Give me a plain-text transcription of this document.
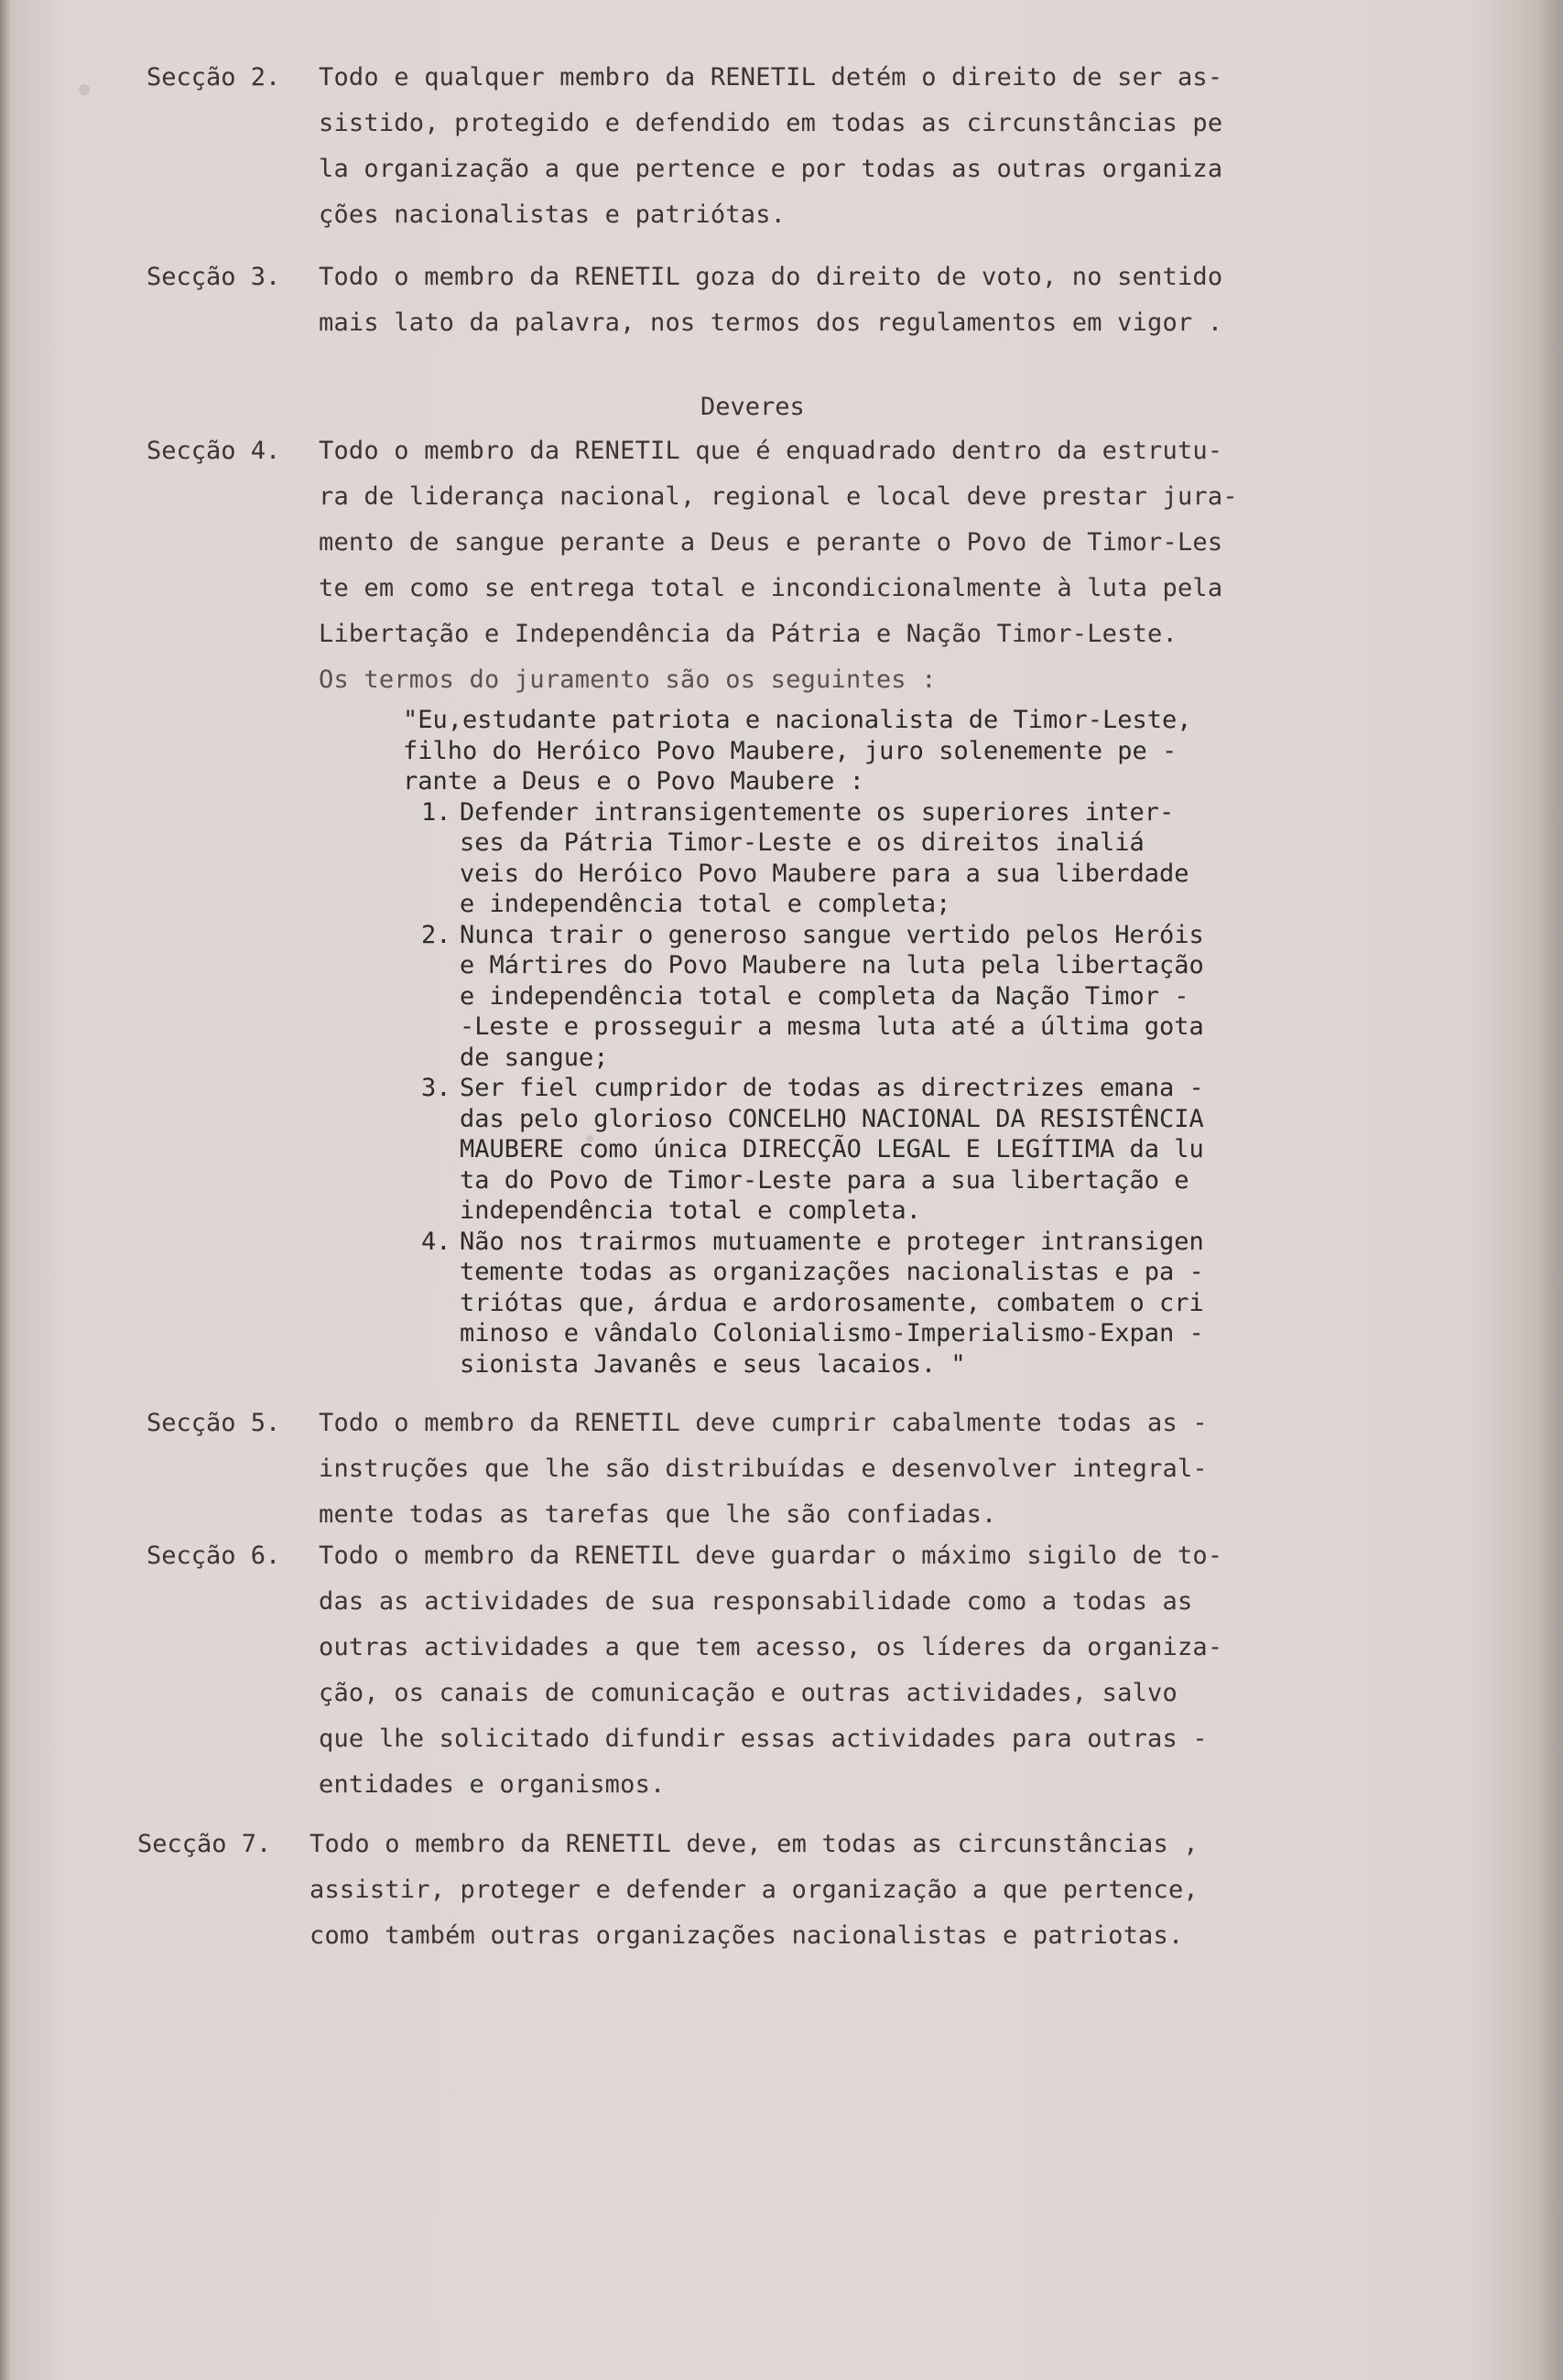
Secção 2.	Todo e qualquer membro da RENETIL detém o direito de ser as-
sistido, protegido e defendido em todas as circunstâncias pe
la organização a que pertence e por todas as outras organiza
ções nacionalistas e patriótas.
Secção 3.	Todo o membro da RENETIL goza do direito de voto, no sentido
mais lato da palavra, nos termos dos regulamentos em vigor .
Deveres
Secção 4.	Todo o membro da RENETIL que é enquadrado dentro da estrutu-
ra de liderança nacional, regional e local deve prestar jura-
mento de sangue perante a Deus e perante o Povo de Timor-Les
te em como se entrega total e incondicionalmente à luta pela
Libertação e Independência da Pátria e Nação Timor-Leste.
Os termos do juramento são os seguintes :
"Eu,estudante patriota e nacionalista de Timor-Leste,
filho do Heróico Povo Maubere, juro solenemente pe -
rante a Deus e o Povo Maubere :
1. Defender intransigentemente os superiores inter-
ses da Pátria Timor-Leste e os direitos inaliá
veis do Heróico Povo Maubere para a sua liberdade
e independência total e completa;
2. Nunca trair o generoso sangue vertido pelos Heróis
e Mártires do Povo Maubere na luta pela libertação
e independência total e completa da Nação Timor -
-Leste e prosseguir a mesma luta até a última gota
de sangue;
3. Ser fiel cumpridor de todas as directrizes emana -
das pelo glorioso CONCELHO NACIONAL DA RESISTÊNCIA
MAUBERE como única DIRECÇÃO LEGAL E LEGÍTIMA da lu
ta do Povo de Timor-Leste para a sua libertação e
independência total e completa.
4. Não nos trairmos mutuamente e proteger intransigen
temente todas as organizações nacionalistas e pa -
triótas que, árdua e ardorosamente, combatem o cri
minoso e vândalo Colonialismo-Imperialismo-Expan -
sionista Javanês e seus lacaios. "
Secção 5.	Todo o membro da RENETIL deve cumprir cabalmente todas as -
instruções que lhe são distribuídas e desenvolver integral-
mente todas as tarefas que lhe são confiadas.
Secção 6.	Todo o membro da RENETIL deve guardar o máximo sigilo de to-
das as actividades de sua responsabilidade como a todas as
outras actividades a que tem acesso, os líderes da organiza-
ção, os canais de comunicação e outras actividades, salvo
que lhe solicitado difundir essas actividades para outras -
entidades e organismos.
Secção 7.	Todo o membro da RENETIL deve, em todas as circunstâncias ,
assistir, proteger e defender a organização a que pertence,
como também outras organizações nacionalistas e patriotas.
